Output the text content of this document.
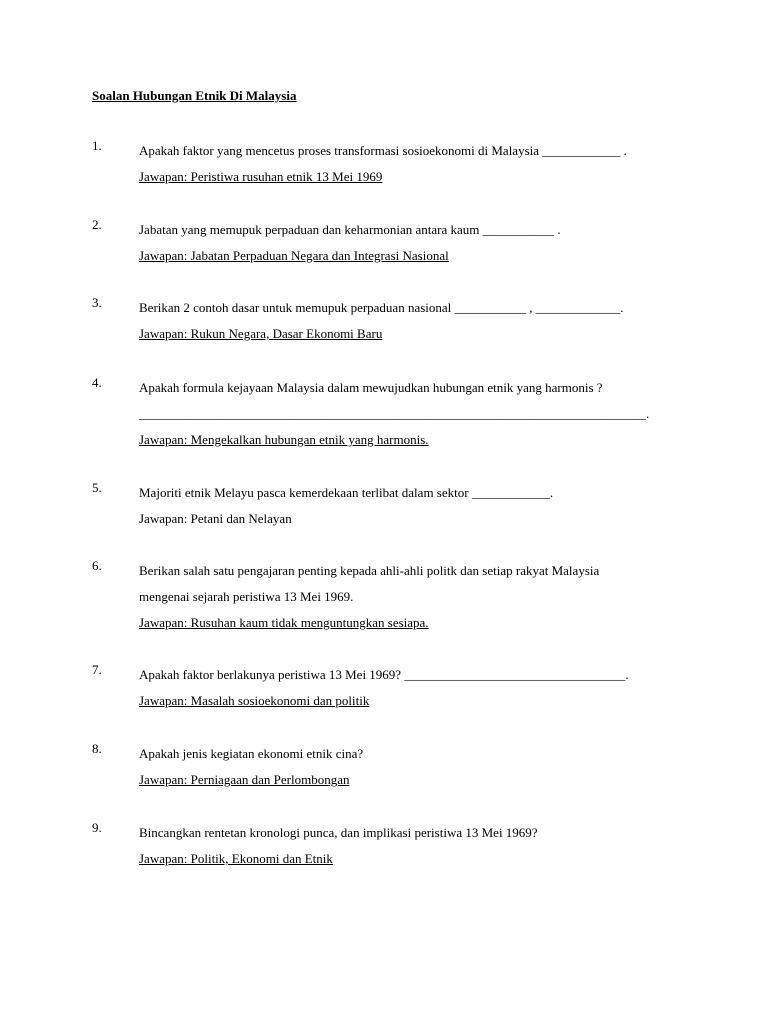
Soalan Hubungan Etnik Di Malaysia
1.	Apakah faktor yang mencetus proses transformasi sosioekonomi di Malaysia ____________ .
Jawapan: Peristiwa rusuhan etnik 13 Mei 1969
2.	Jabatan yang memupuk perpaduan dan keharmonian antara kaum ___________ .
Jawapan: Jabatan Perpaduan Negara dan Integrasi Nasional
3.	Berikan 2 contoh dasar untuk memupuk perpaduan nasional ___________ , _____________.
Jawapan: Rukun Negara, Dasar Ekonomi Baru
4.	Apakah formula kejayaan Malaysia dalam mewujudkan hubungan etnik yang harmonis ?
______________________________________________________________________________.
Jawapan: Mengekalkan hubungan etnik yang harmonis.
5.	Majoriti etnik Melayu pasca kemerdekaan terlibat dalam sektor ____________.
Jawapan: Petani dan Nelayan
6.	Berikan salah satu pengajaran penting kepada ahli-ahli politk dan setiap rakyat Malaysia
mengenai sejarah peristiwa 13 Mei 1969.
Jawapan: Rusuhan kaum tidak menguntungkan sesiapa.
7.	Apakah faktor berlakunya peristiwa 13 Mei 1969? __________________________________.
Jawapan: Masalah sosioekonomi dan politik
8.	Apakah jenis kegiatan ekonomi etnik cina?
Jawapan: Perniagaan dan Perlombongan
9.	Bincangkan rentetan kronologi punca, dan implikasi peristiwa 13 Mei 1969?
Jawapan: Politik, Ekonomi dan Etnik
